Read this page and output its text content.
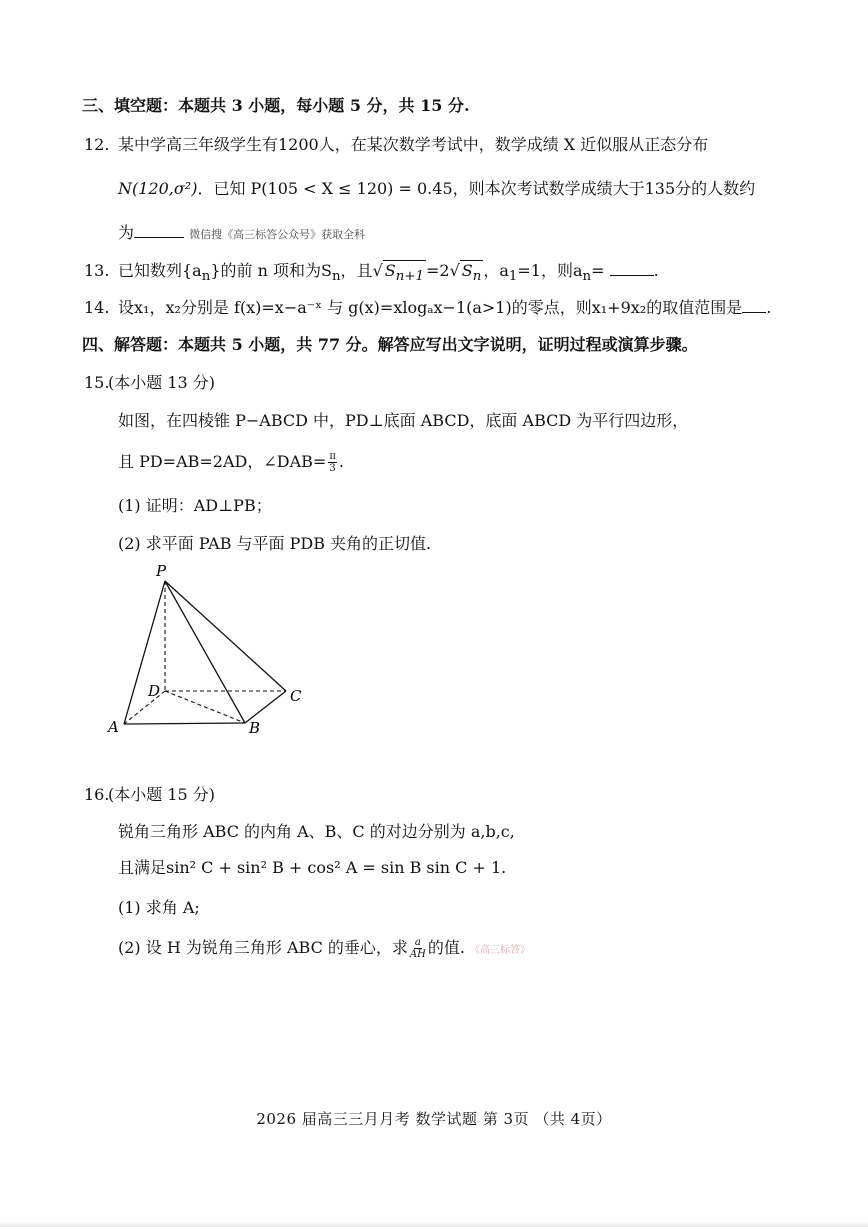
三、填空题：本题共 3 小题，每小题 5 分，共 15 分.
12. 某中学高三年级学生有1200人，在某次数学考试中，数学成绩 X 近似服从正态分布
N(120,σ²)．已知 P(105 < X ≤ 120) = 0.45，则本次考试数学成绩大于135分的人数约
为	微信搜《高三标答公众号》获取全科
13. 已知数列$\{a_n\}$的前 n 项和为$S_n$，且√ $S_{n+1} =2√$ $S_n$ ，$a_1=1$，则$a_n=$	.
14. 设x₁，x₂分别是 f(x)=x−a⁻ˣ 与 g(x)=xlogₐx−1(a>1)的零点，则x₁+9x₂的取值范围是 .
四、解答题：本题共 5 小题，共 77 分。解答应写出文字说明，证明过程或演算步骤。
15.
(本小题 13 分)
如图，在四棱锥 P−ABCD 中，PD⊥底面 ABCD，底面 ABCD 为平行四边形，
且 PD=AB=2AD，∠DAB= $\frac{\pi}{3}$ .
(1) 证明：AD⊥PB；
(2) 求平面 PAB 与平面 PDB 夹角的正切值.
P
A	B
C
D
16.
(本小题 15 分)
锐角三角形 ABC 的内角 A、B、C 的对边分别为 a,b,c,
且满足sin² C + sin² B + cos² A = sin B sin C + 1.
(1) 求角 A;
(2) 设 H 为锐角三角形 ABC 的垂心，求 $\frac{a}{AH}$ 的值. 《高三标答》
2026 届高三三月月考 数学试题 第 3页 （共 4页）
